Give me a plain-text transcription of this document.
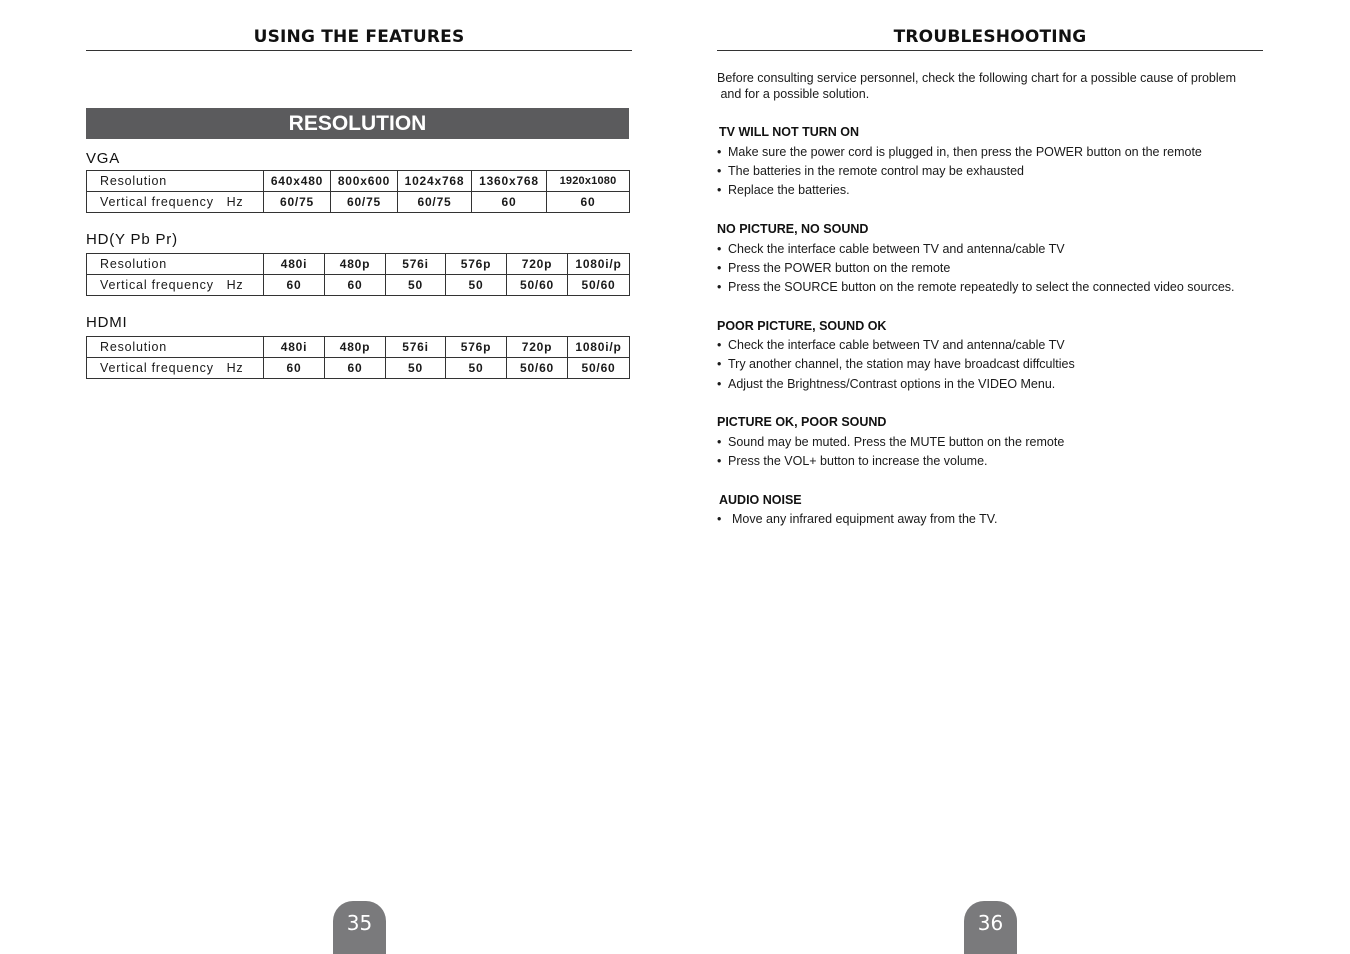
USING THE FEATURES
RESOLUTION
VGA
Resolution	640x480	800x600	1024x768	1360x768	1920x1080
Vertical frequency   Hz	60/75	60/75	60/75	60	60
HD(Y Pb Pr)
Resolution	480i	480p	576i	576p	720p	1080i/p
Vertical frequency   Hz	60	60	50	50	50/60	50/60
HDMI
Resolution	480i	480p	576i	576p	720p	1080i/p
Vertical frequency   Hz	60	60	50	50	50/60	50/60
35
TROUBLESHOOTING
Before consulting service personnel, check the following chart for a possible cause of problem
and for a possible solution.
TV WILL NOT TURN ON
• Make sure the power cord is plugged in, then press the POWER button on the remote
• The batteries in the remote control may be exhausted
• Replace the batteries.
NO PICTURE, NO SOUND
• Check the interface cable between TV and antenna/cable TV
• Press the POWER button on the remote
• Press the SOURCE button on the remote repeatedly to select the connected video sources.
POOR PICTURE, SOUND OK
• Check the interface cable between TV and antenna/cable TV
• Try another channel, the station may have broadcast diffculties
• Adjust the Brightness/Contrast options in the VIDEO Menu.
PICTURE OK, POOR SOUND
• Sound may be muted. Press the MUTE button on the remote
• Press the VOL+ button to increase the volume.
AUDIO NOISE
• Move any infrared equipment away from the TV.
36
